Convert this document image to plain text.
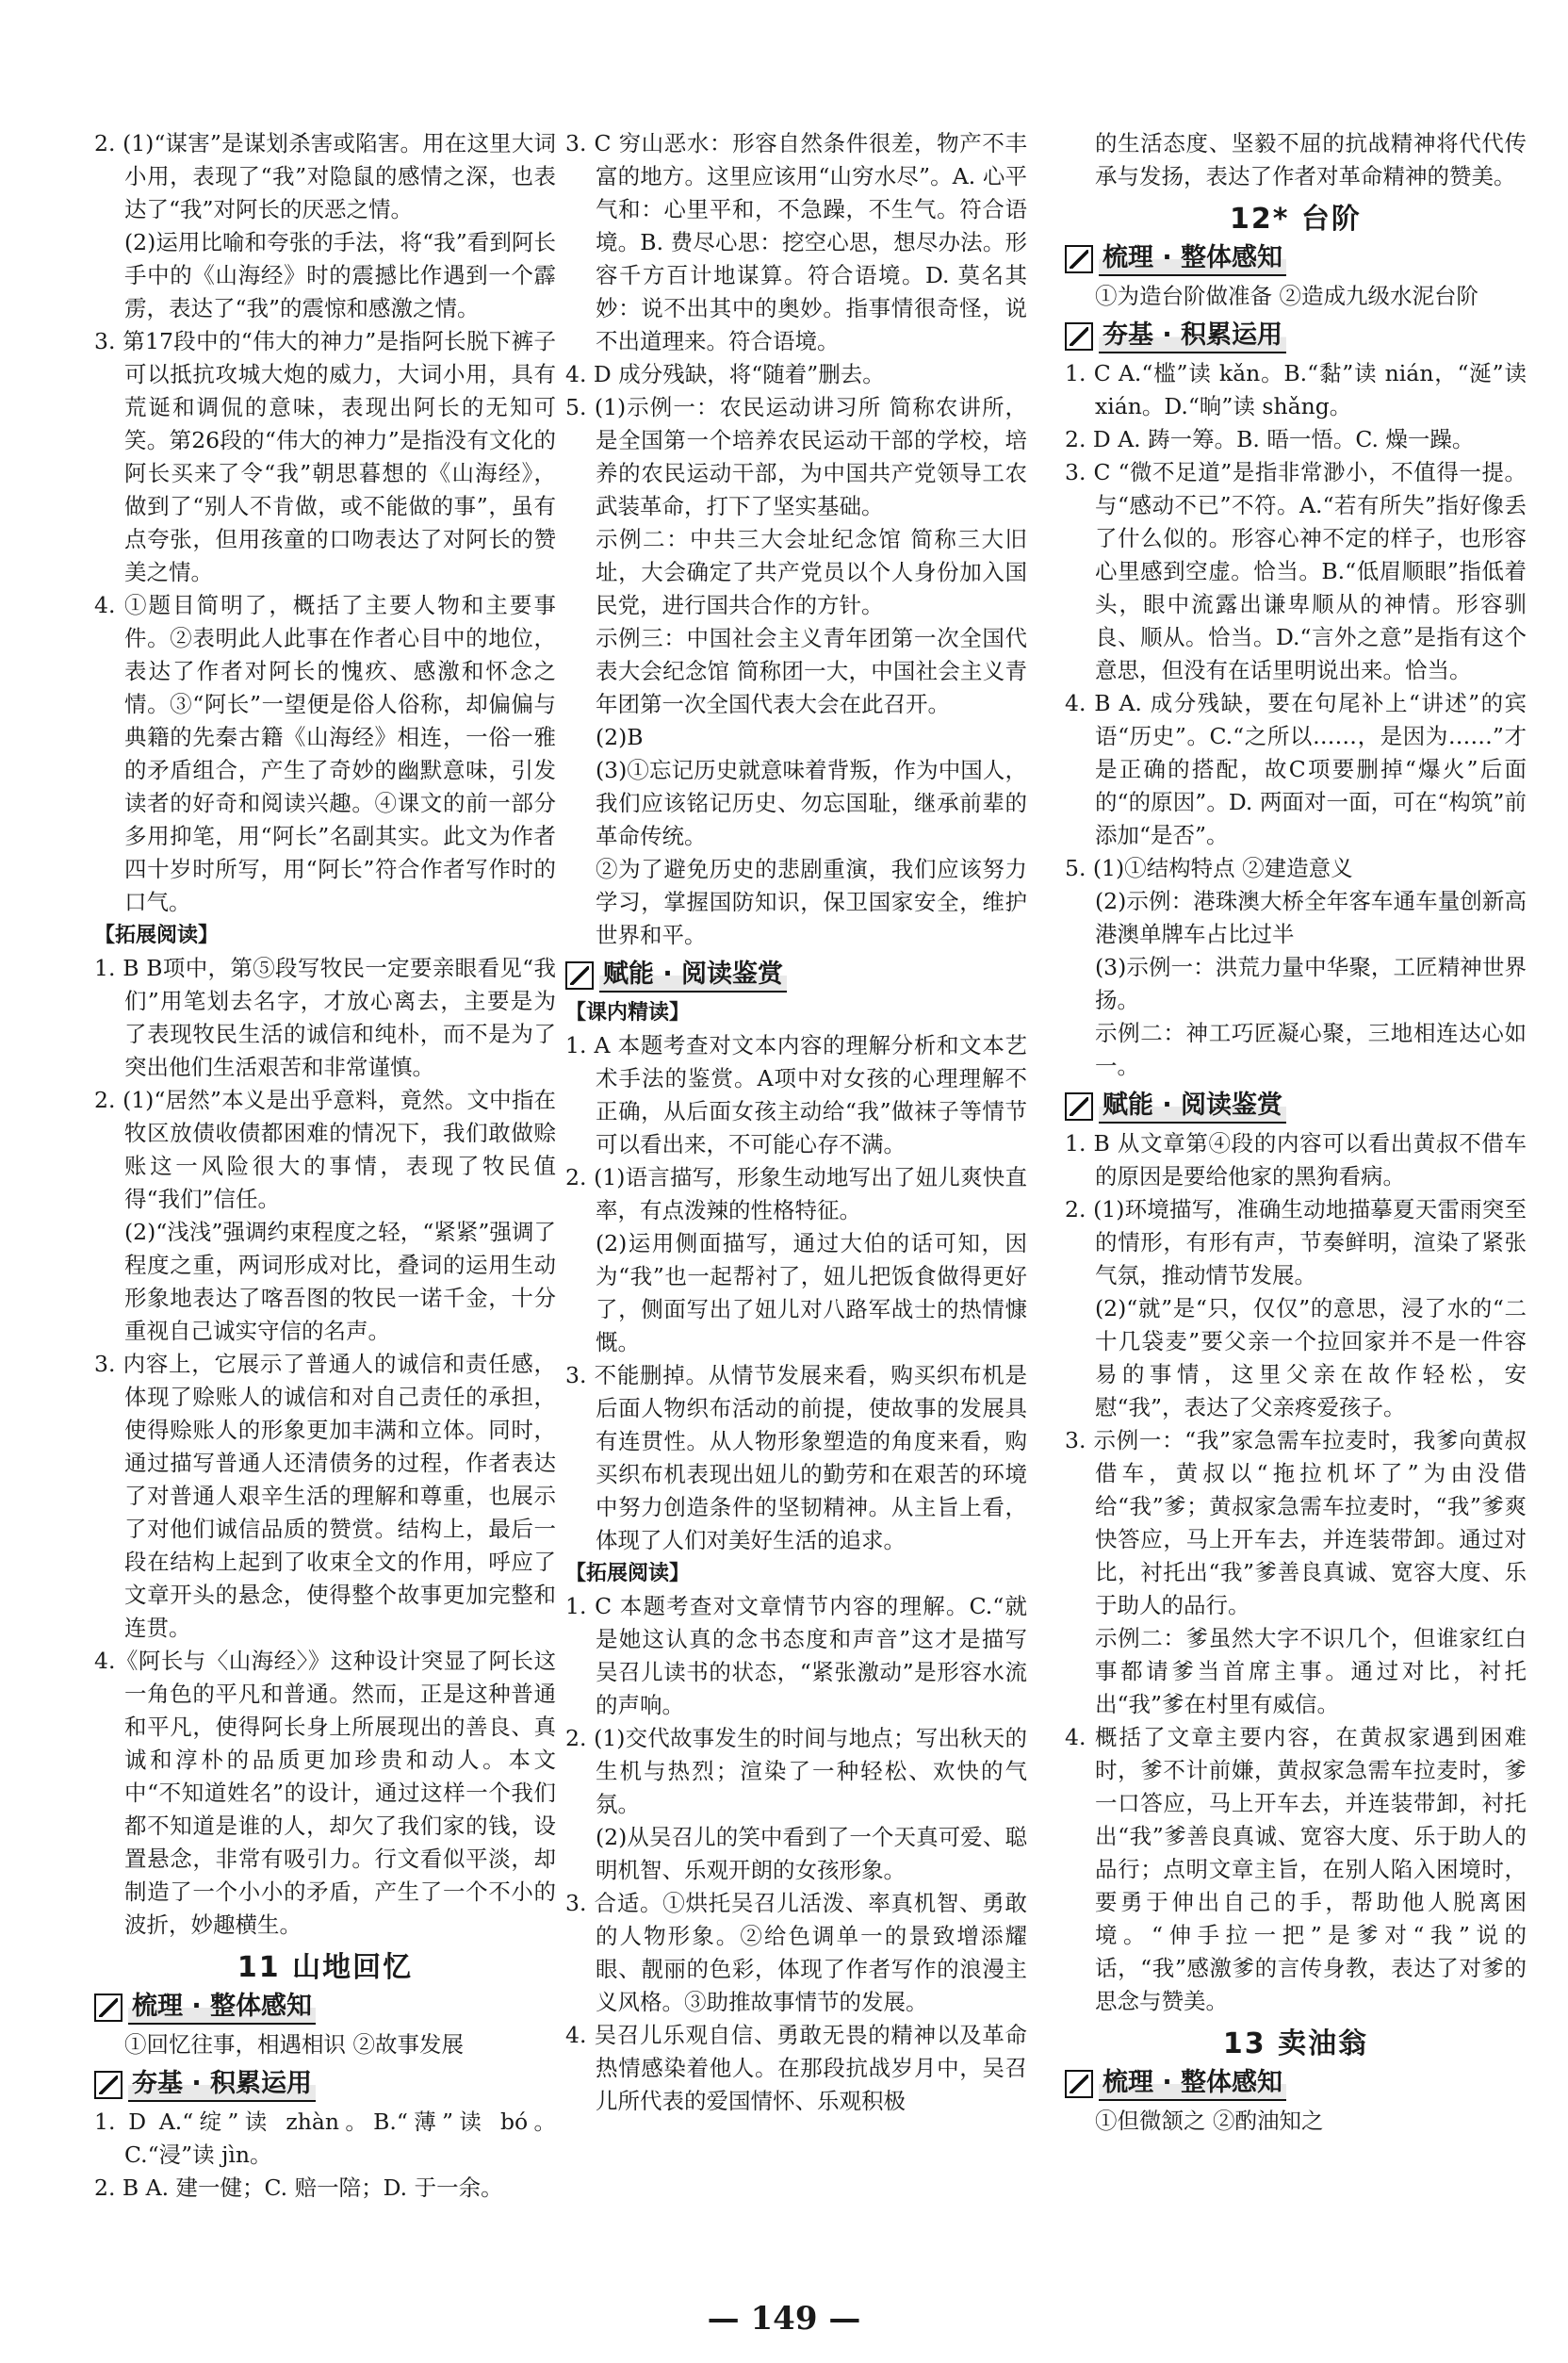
2. (1)“谋害”是谋划杀害或陷害。用在这里大词小用，表现了“我”对隐鼠的感情之深，也表达了“我”对阿长的厌恶之情。

(2)运用比喻和夸张的手法，将“我”看到阿长手中的《山海经》时的震撼比作遇到一个霹雳，表达了“我”的震惊和感激之情。

3. 第17段中的“伟大的神力”是指阿长脱下裤子可以抵抗攻城大炮的威力，大词小用，具有荒诞和调侃的意味，表现出阿长的无知可笑。第26段的“伟大的神力”是指没有文化的阿长买来了令“我”朝思暮想的《山海经》，做到了“别人不肯做，或不能做的事”，虽有点夸张，但用孩童的口吻表达了对阿长的赞美之情。

4. ①题目简明了，概括了主要人物和主要事件。②表明此人此事在作者心目中的地位，表达了作者对阿长的愧疚、感激和怀念之情。③“阿长”一望便是俗人俗称，却偏偏与典籍的先秦古籍《山海经》相连，一俗一雅的矛盾组合，产生了奇妙的幽默意味，引发读者的好奇和阅读兴趣。④课文的前一部分多用抑笔，用“阿长”名副其实。此文为作者四十岁时所写，用“阿长”符合作者写作时的口气。

【拓展阅读】

1. B B项中，第⑤段写牧民一定要亲眼看见“我们”用笔划去名字，才放心离去，主要是为了表现牧民生活的诚信和纯朴，而不是为了突出他们生活艰苦和非常谨慎。

2. (1)“居然”本义是出乎意料，竟然。文中指在牧区放债收债都困难的情况下，我们敢做赊账这一风险很大的事情，表现了牧民值得“我们”信任。

(2)“浅浅”强调约束程度之轻，“紧紧”强调了程度之重，两词形成对比，叠词的运用生动形象地表达了喀吾图的牧民一诺千金，十分重视自己诚实守信的名声。

3. 内容上，它展示了普通人的诚信和责任感，体现了赊账人的诚信和对自己责任的承担，使得赊账人的形象更加丰满和立体。同时，通过描写普通人还清债务的过程，作者表达了对普通人艰辛生活的理解和尊重，也展示了对他们诚信品质的赞赏。结构上，最后一段在结构上起到了收束全文的作用，呼应了文章开头的悬念，使得整个故事更加完整和连贯。

4.《阿长与〈山海经〉》这种设计突显了阿长这一角色的平凡和普通。然而，正是这种普通和平凡，使得阿长身上所展现出的善良、真诚和淳朴的品质更加珍贵和动人。本文中“不知道姓名”的设计，通过这样一个我们都不知道是谁的人，却欠了我们家的钱，设置悬念，非常有吸引力。行文看似平淡，却制造了一个小小的矛盾，产生了一个不小的波折，妙趣横生。

11 山地回忆
梳理 · 整体感知

①回忆往事，相遇相识 ②故事发展

夯基 · 积累运用

1. D A.“绽”读 zhàn。B.“薄”读 bó。C.“浸”读 jìn。

2. B A. 建一健；C. 赔一陪；D. 于一余。

3. C 穷山恶水：形容自然条件很差，物产不丰富的地方。这里应该用“山穷水尽”。A. 心平气和：心里平和，不急躁，不生气。符合语境。B. 费尽心思：挖空心思，想尽办法。形容千方百计地谋算。符合语境。D. 莫名其妙：说不出其中的奥妙。指事情很奇怪，说不出道理来。符合语境。

4. D 成分残缺，将“随着”删去。

5. (1)示例一：农民运动讲习所 简称农讲所，是全国第一个培养农民运动干部的学校，培养的农民运动干部，为中国共产党领导工农武装革命，打下了坚实基础。

示例二：中共三大会址纪念馆 简称三大旧址，大会确定了共产党员以个人身份加入国民党，进行国共合作的方针。

示例三：中国社会主义青年团第一次全国代表大会纪念馆 简称团一大，中国社会主义青年团第一次全国代表大会在此召开。

(2)B

(3)①忘记历史就意味着背叛，作为中国人，我们应该铭记历史、勿忘国耻，继承前辈的革命传统。

②为了避免历史的悲剧重演，我们应该努力学习，掌握国防知识，保卫国家安全，维护世界和平。

赋能 · 阅读鉴赏

【课内精读】

1. A 本题考查对文本内容的理解分析和文本艺术手法的鉴赏。A项中对女孩的心理理解不正确，从后面女孩主动给“我”做袜子等情节可以看出来，不可能心存不满。

2. (1)语言描写，形象生动地写出了妞儿爽快直率，有点泼辣的性格特征。

(2)运用侧面描写，通过大伯的话可知，因为“我”也一起帮衬了，妞儿把饭食做得更好了，侧面写出了妞儿对八路军战士的热情慷慨。

3. 不能删掉。从情节发展来看，购买织布机是后面人物织布活动的前提，使故事的发展具有连贯性。从人物形象塑造的角度来看，购买织布机表现出妞儿的勤劳和在艰苦的环境中努力创造条件的坚韧精神。从主旨上看，体现了人们对美好生活的追求。

【拓展阅读】

1. C 本题考查对文章情节内容的理解。C.“就是她这认真的念书态度和声音”这才是描写吴召儿读书的状态，“紧张激动”是形容水流的声响。

2. (1)交代故事发生的时间与地点；写出秋天的生机与热烈；渲染了一种轻松、欢快的气氛。

(2)从吴召儿的笑中看到了一个天真可爱、聪明机智、乐观开朗的女孩形象。

3. 合适。①烘托吴召儿活泼、率真机智、勇敢的人物形象。②给色调单一的景致增添耀眼、靓丽的色彩，体现了作者写作的浪漫主义风格。③助推故事情节的发展。

4. 吴召儿乐观自信、勇敢无畏的精神以及革命热情感染着他人。在那段抗战岁月中，吴召儿所代表的爱国情怀、乐观积极

的生活态度、坚毅不屈的抗战精神将代代传承与发扬，表达了作者对革命精神的赞美。

12* 台阶
梳理 · 整体感知

①为造台阶做准备 ②造成九级水泥台阶

夯基 · 积累运用

1. C A.“槛”读 kǎn。B.“黏”读 nián，“涎”读 xián。D.“晌”读 shǎng。

2. D A. 踌一筹。B. 晤一悟。C. 燥一躁。

3. C “微不足道”是指非常渺小，不值得一提。与“感动不已”不符。A.“若有所失”指好像丢了什么似的。形容心神不定的样子，也形容心里感到空虚。恰当。B.“低眉顺眼”指低着头，眼中流露出谦卑顺从的神情。形容驯良、顺从。恰当。D.“言外之意”是指有这个意思，但没有在话里明说出来。恰当。

4. B A. 成分残缺，要在句尾补上“讲述”的宾语“历史”。C.“之所以……，是因为……”才是正确的搭配，故C项要删掉“爆火”后面的“的原因”。D. 两面对一面，可在“构筑”前添加“是否”。

5. (1)①结构特点 ②建造意义

(2)示例：港珠澳大桥全年客车通车量创新高 港澳单牌车占比过半

(3)示例一：洪荒力量中华聚，工匠精神世界扬。

示例二：神工巧匠凝心聚，三地相连达心如一。

赋能 · 阅读鉴赏

1. B 从文章第④段的内容可以看出黄叔不借车的原因是要给他家的黑狗看病。

2. (1)环境描写，准确生动地描摹夏天雷雨突至的情形，有形有声，节奏鲜明，渲染了紧张气氛，推动情节发展。

(2)“就”是“只，仅仅”的意思，浸了水的“二十几袋麦”要父亲一个拉回家并不是一件容易的事情，这里父亲在故作轻松，安慰“我”，表达了父亲疼爱孩子。

3. 示例一：“我”家急需车拉麦时，我爹向黄叔借车，黄叔以“拖拉机坏了”为由没借给“我”爹；黄叔家急需车拉麦时，“我”爹爽快答应，马上开车去，并连装带卸。通过对比，衬托出“我”爹善良真诚、宽容大度、乐于助人的品行。

示例二：爹虽然大字不识几个，但谁家红白事都请爹当首席主事。通过对比，衬托出“我”爹在村里有威信。

4. 概括了文章主要内容，在黄叔家遇到困难时，爹不计前嫌，黄叔家急需车拉麦时，爹一口答应，马上开车去，并连装带卸，衬托出“我”爹善良真诚、宽容大度、乐于助人的品行；点明文章主旨，在别人陷入困境时，要勇于伸出自己的手，帮助他人脱离困境。“伸手拉一把”是爹对“我”说的话，“我”感激爹的言传身教，表达了对爹的思念与赞美。

13 卖油翁
梳理 · 整体感知

①但微颔之 ②酌油知之

— 149 —
